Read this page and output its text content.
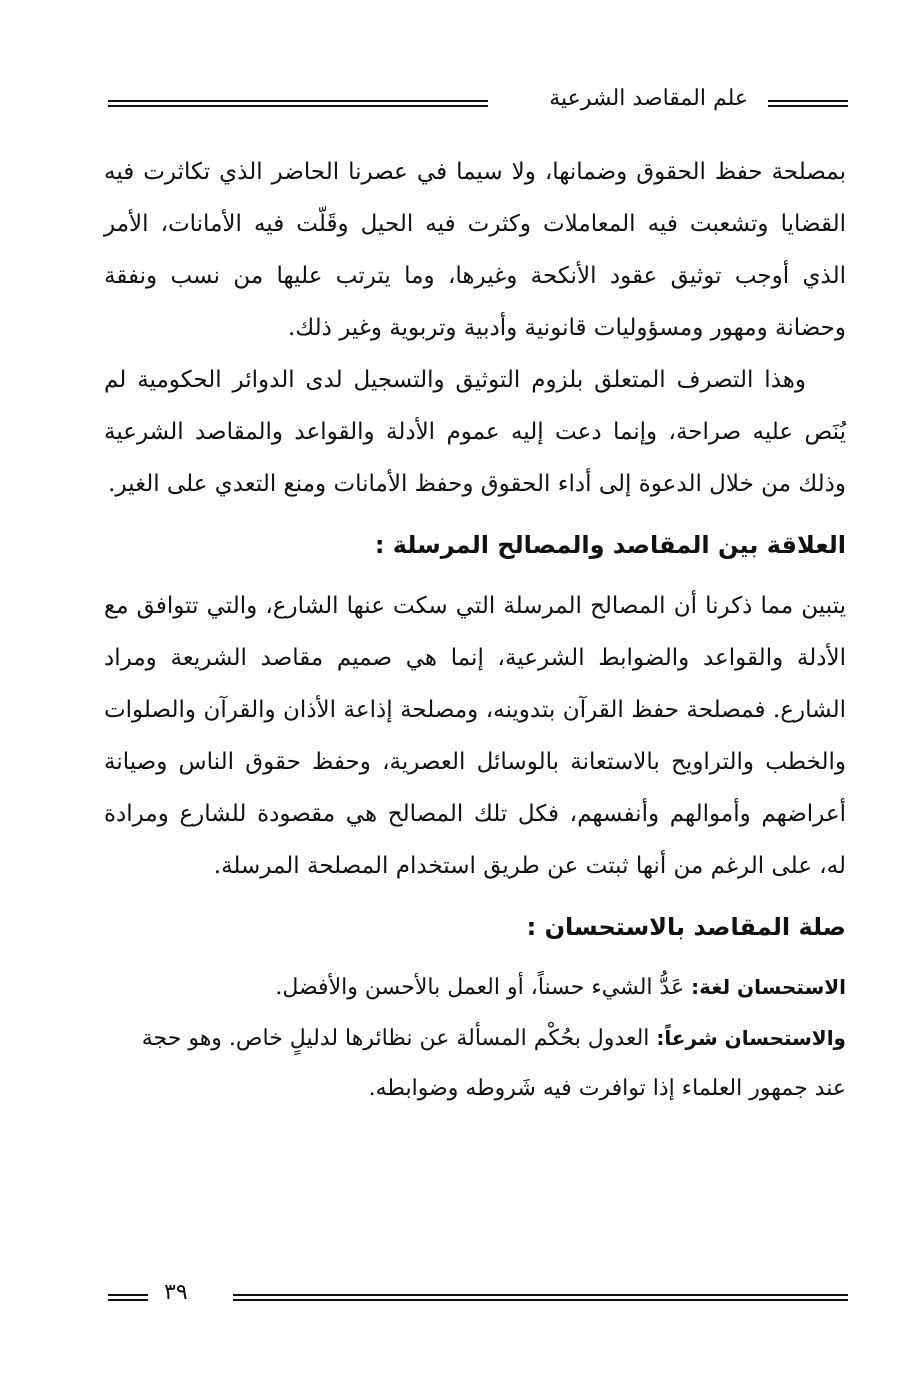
علم المقاصد الشرعية

بمصلحة حفظ الحقوق وضمانها، ولا سيما في عصرنا الحاضر الذي تكاثرت فيه القضايا وتشعبت فيه المعاملات وكثرت فيه الحيل وقَلّت فيه الأمانات، الأمر الذي أوجب توثيق عقود الأنكحة وغيرها، وما يترتب عليها من نسب ونفقة وحضانة ومهور ومسؤوليات قانونية وأدبية وتربوية وغير ذلك.

وهذا التصرف المتعلق بلزوم التوثيق والتسجيل لدى الدوائر الحكومية لم يُنَص عليه صراحة، وإنما دعت إليه عموم الأدلة والقواعد والمقاصد الشرعية وذلك من خلال الدعوة إلى أداء الحقوق وحفظ الأمانات ومنع التعدي على الغير.

العلاقة بين المقاصد والمصالح المرسلة :

يتبين مما ذكرنا أن المصالح المرسلة التي سكت عنها الشارع، والتي تتوافق مع الأدلة والقواعد والضوابط الشرعية، إنما هي صميم مقاصد الشريعة ومراد الشارع. فمصلحة حفظ القرآن بتدوينه، ومصلحة إذاعة الأذان والقرآن والصلوات والخطب والتراويح بالاستعانة بالوسائل العصرية، وحفظ حقوق الناس وصيانة أعراضهم وأموالهم وأنفسهم، فكل تلك المصالح هي مقصودة للشارع ومرادة له، على الرغم من أنها ثبتت عن طريق استخدام المصلحة المرسلة.

صلة المقاصد بالاستحسان :

الاستحسان لغة: عَدُّ الشيء حسناً، أو العمل بالأحسن والأفضل.

والاستحسان شرعاً: العدول بحُكْم المسألة عن نظائرها لدليلٍ خاص. وهو حجة عند جمهور العلماء إذا توافرت فيه شَروطه وضوابطه.

٣٩
